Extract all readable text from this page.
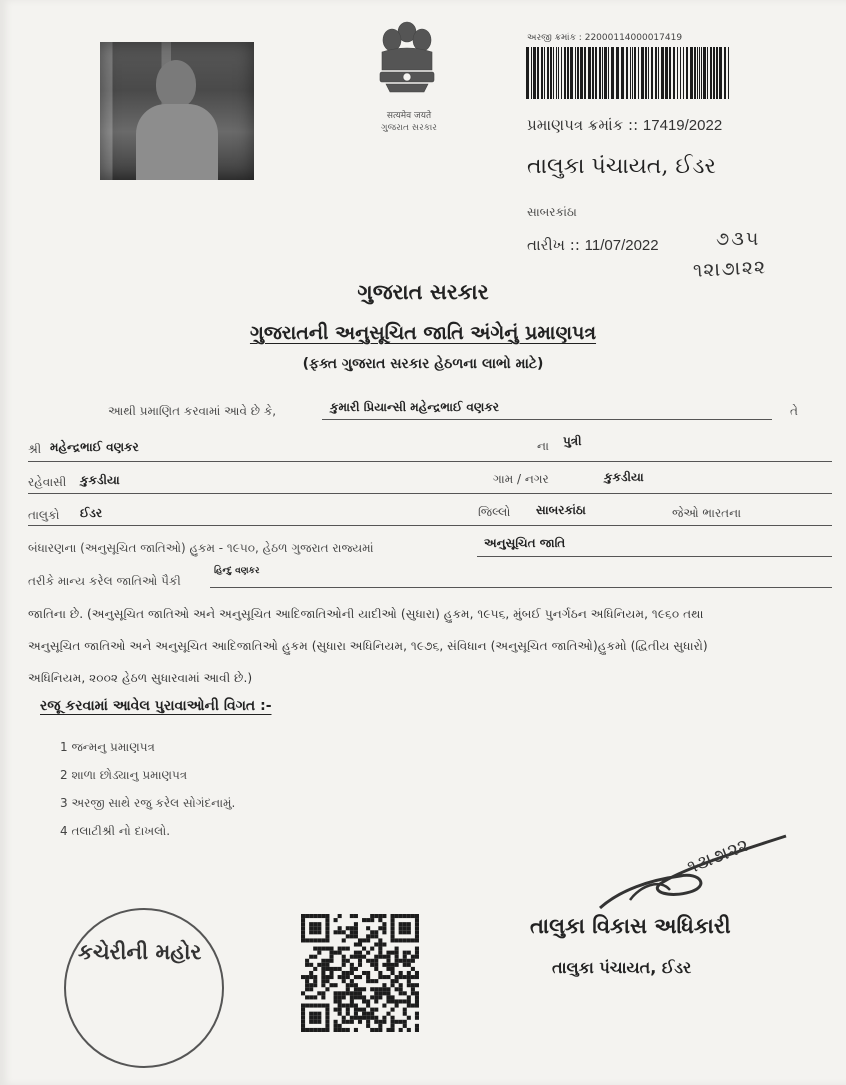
सत्यमेव जयते
ગુજરાત સરકાર
અરજી ક્રમાંક : 22000114000017419
પ્રમાણપત્ર ક્રમાંક :: 17419/2022
તાલુકા પંચાયત, ઈડર
સાબરકાંઠા
તારીખ :: 11/07/2022	૭૩૫
૧૨।૭।૨૨
ગુજરાત સરકાર
ગુજરાતની અનુસૂચિત જાતિ અંગેનું પ્રમાણપત્ર
(ફક્ત ગુજરાત સરકાર હેઠળના લાભો માટે)
આથી પ્રમાણિત કરવામાં આવે છે કે,	કુમારી પ્રિયાન્સી મહેન્દ્રભાઈ વણકર	તે
શ્રી મહેન્દ્રભાઈ વણકર	ના પુત્રી
રહેવાસી કુકડીયા	ગામ / નગર	કુકડીયા
તાલુકો ઈડર	જિલ્લો સાબરકાંઠા	જેઓ ભારતના
બંધારણના (અનુસૂચિત જાતિઓ) હુકમ - ૧૯૫૦, હેઠળ ગુજરાત રાજ્યમાં	અનુસૂચિત જાતિ
તરીકે માન્ય કરેલ જાતિઓ પૈકી
હિન્દુ વણકર
જાતિના છે. (અનુસૂચિત જાતિઓ અને અનુસૂચિત આદિજાતિઓની યાદીઓ (સુધારા) હુકમ, ૧૯૫૬, મુંબઈ પુનર્ગઠન અધિનિયમ, ૧૯૬૦ તથા
અનુસૂચિત જાતિઓ અને અનુસૂચિત આદિજાતિઓ હુકમ (સુધારા અધિનિયમ, ૧૯૭૬, સંવિધાન (અનુસૂચિત જાતિઓ)હુકમો (દ્વિતીય સુધારો)
અધિનિયમ, ૨૦૦૨ હેઠળ સુધારવામાં આવી છે.)
રજૂ કરવામાં આવેલ પુરાવાઓની વિગત :-
1 જન્મનુ પ્રમાણપત્ર
2 શાળા છોડ્યાનુ પ્રમાણપત્ર
3 અરજી સાથે રજુ કરેલ સોગંદનામું.
4 તલાટીશ્રી નો દાખલો.
કચેરીની મહોર
૧૩।૭।૨૨
તાલુકા વિકાસ અધિકારી
તાલુકા પંચાયત, ઈડર
